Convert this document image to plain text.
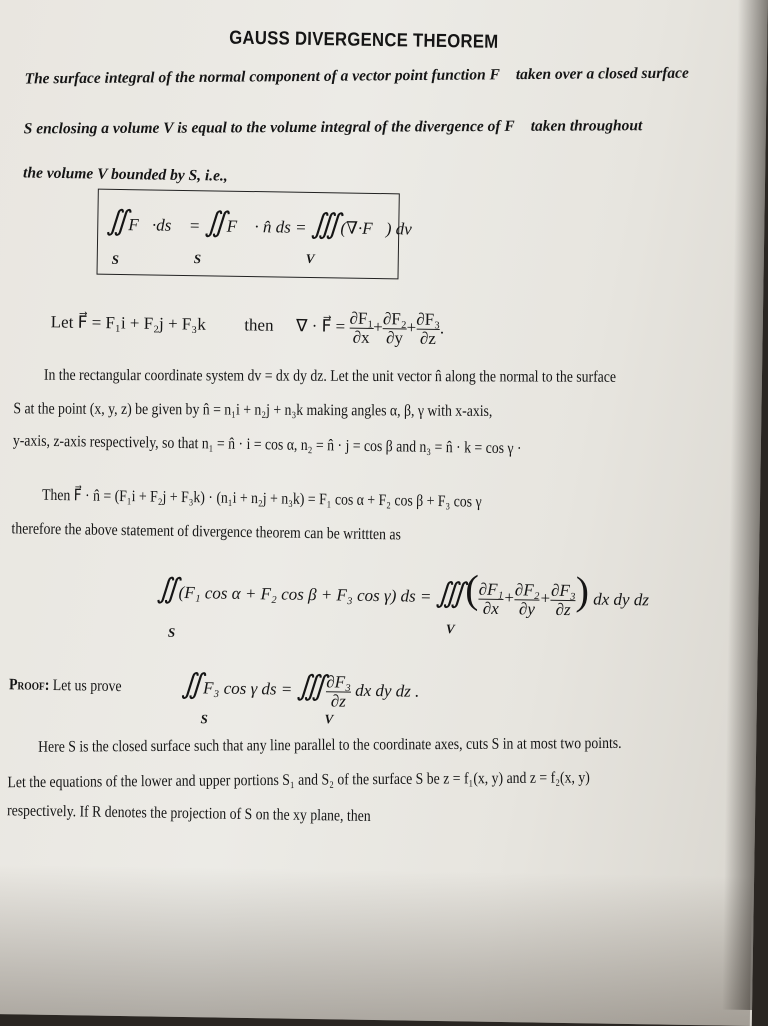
GAUSS DIVERGENCE THEOREM
The surface integral of the normal component of a vector point function F⃗ taken over a closed surface
S enclosing a volume V is equal to the volume integral of the divergence of F⃗ taken throughout
the volume V bounded by S, i.e.,
∬F⃗·ds⃗ = ∬F⃗ · n̂ ds = ∭(∇·F⃗) dv
S	S	V
Let F⃗ = F₁i + F₂j + F₃k then ∇ · F⃗ = $\frac{\text{∂F₁}}{\partial x} + \frac{\text{∂F₂}}{\partial y} + \frac{\text{∂F₃}}{\partial z}$ .
In the rectangular coordinate system dv = dx dy dz. Let the unit vector n̂ along the normal to the surface
S at the point (x, y, z) be given by n̂ = n₁i + n₂j + n₃k making angles α, β, γ with x-axis,
y-axis, z-axis respectively, so that n₁ = n̂ · i = cos α, n₂ = n̂ · j = cos β and n₃ = n̂ · k = cos γ ·
Then F⃗ · n̂ = (F₁i + F₂j + F₃k) · (n₁i + n₂j + n₃k) = F₁ cos α + F₂ cos β + F₃ cos γ
therefore the above statement of divergence theorem can be writtten as
∬(F₁ cos α + F₂ cos β + F₃ cos γ) ds = ∭( $\frac{\text{∂F₁}}{\partial x} + \frac{\text{∂F₂}}{\partial y} + \frac{\text{∂F₃}}{\partial z}$ ) dx dy dz
S	V
Proof: Let us prove ∬F₃ cos γ ds = ∭ $\frac{\text{∂F₃}}{\partial z}$ dx dy dz .
S	V
Here S is the closed surface such that any line parallel to the coordinate axes, cuts S in at most two points.
Let the equations of the lower and upper portions S₁ and S₂ of the surface S be z = f₁(x, y) and z = f₂(x, y)
respectively. If R denotes the projection of S on the xy plane, then
